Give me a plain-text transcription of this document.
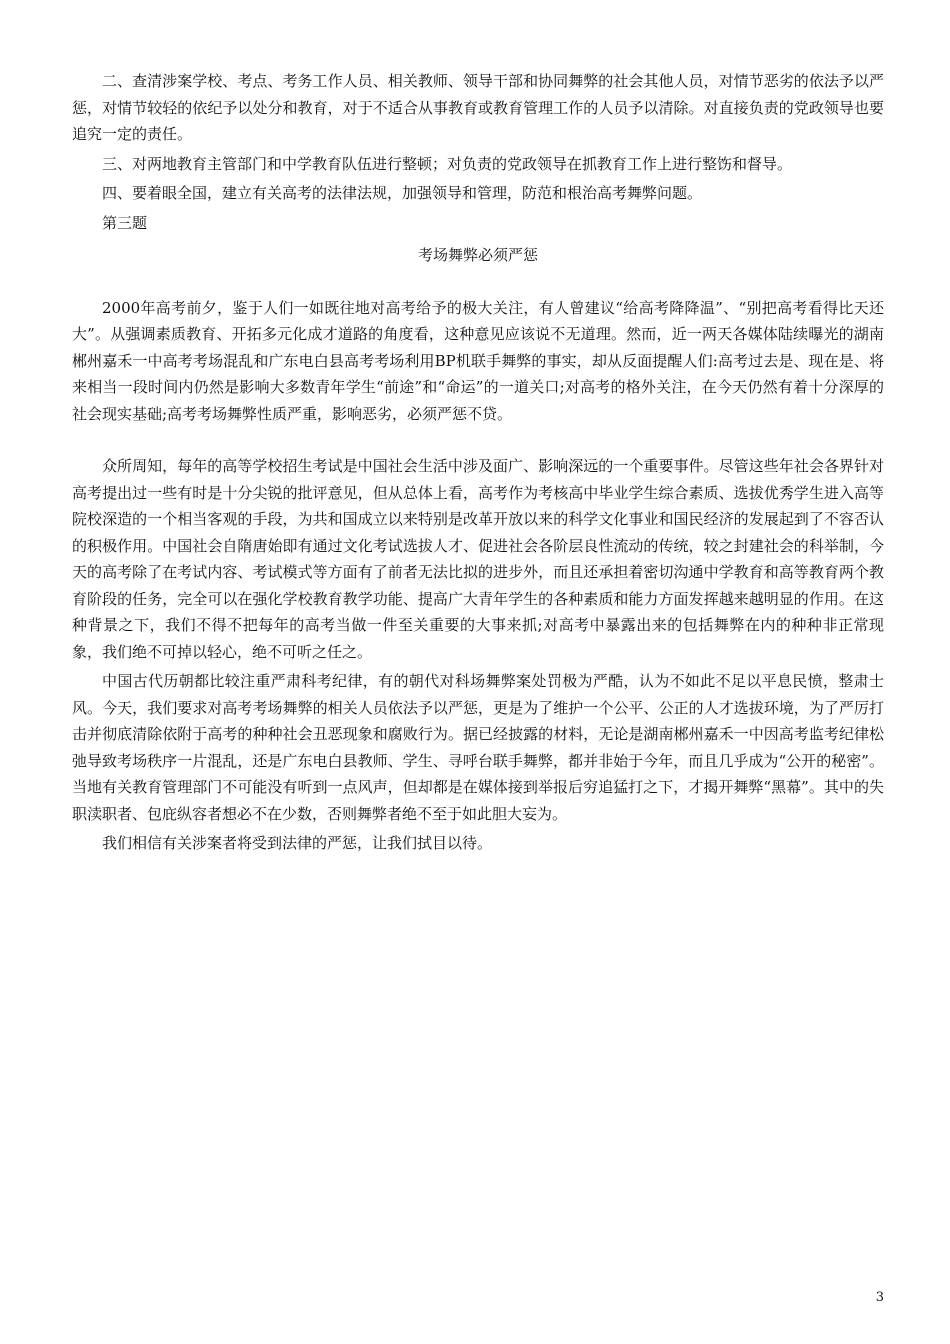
二、查清涉案学校、考点、考务工作人员、相关教师、领导干部和协同舞弊的社会其他人员，对情节恶劣的依法予以严惩，对情节较轻的依纪予以处分和教育，对于不适合从事教育或教育管理工作的人员予以清除。对直接负责的党政领导也要追究一定的责任。

三、对两地教育主管部门和中学教育队伍进行整顿；对负责的党政领导在抓教育工作上进行整饬和督导。

四、要着眼全国，建立有关高考的法律法规，加强领导和管理，防范和根治高考舞弊问题。

第三题

考场舞弊必须严惩

2000年高考前夕，鉴于人们一如既往地对高考给予的极大关注，有人曾建议“给高考降降温”、“别把高考看得比天还大”。从强调素质教育、开拓多元化成才道路的角度看，这种意见应该说不无道理。然而，近一两天各媒体陆续曝光的湖南郴州嘉禾一中高考考场混乱和广东电白县高考考场利用BP机联手舞弊的事实，却从反面提醒人们:高考过去是、现在是、将来相当一段时间内仍然是影响大多数青年学生“前途”和“命运”的一道关口;对高考的格外关注，在今天仍然有着十分深厚的社会现实基础;高考考场舞弊性质严重，影响恶劣，必须严惩不贷。

众所周知，每年的高等学校招生考试是中国社会生活中涉及面广、影响深远的一个重要事件。尽管这些年社会各界针对高考提出过一些有时是十分尖锐的批评意见，但从总体上看，高考作为考核高中毕业学生综合素质、选拔优秀学生进入高等院校深造的一个相当客观的手段，为共和国成立以来特别是改革开放以来的科学文化事业和国民经济的发展起到了不容否认的积极作用。中国社会自隋唐始即有通过文化考试选拔人才、促进社会各阶层良性流动的传统，较之封建社会的科举制，今天的高考除了在考试内容、考试模式等方面有了前者无法比拟的进步外，而且还承担着密切沟通中学教育和高等教育两个教育阶段的任务，完全可以在强化学校教育教学功能、提高广大青年学生的各种素质和能力方面发挥越来越明显的作用。在这种背景之下，我们不得不把每年的高考当做一件至关重要的大事来抓;对高考中暴露出来的包括舞弊在内的种种非正常现象，我们绝不可掉以轻心，绝不可听之任之。

中国古代历朝都比较注重严肃科考纪律，有的朝代对科场舞弊案处罚极为严酷，认为不如此不足以平息民愤，整肃士风。今天，我们要求对高考考场舞弊的相关人员依法予以严惩，更是为了维护一个公平、公正的人才选拔环境，为了严厉打击并彻底清除依附于高考的种种社会丑恶现象和腐败行为。据已经披露的材料，无论是湖南郴州嘉禾一中因高考监考纪律松弛导致考场秩序一片混乱，还是广东电白县教师、学生、寻呼台联手舞弊，都并非始于今年，而且几乎成为“公开的秘密”。当地有关教育管理部门不可能没有听到一点风声，但却都是在媒体接到举报后穷追猛打之下，才揭开舞弊“黑幕”。其中的失职渎职者、包庇纵容者想必不在少数，否则舞弊者绝不至于如此胆大妄为。

我们相信有关涉案者将受到法律的严惩，让我们拭目以待。

3
